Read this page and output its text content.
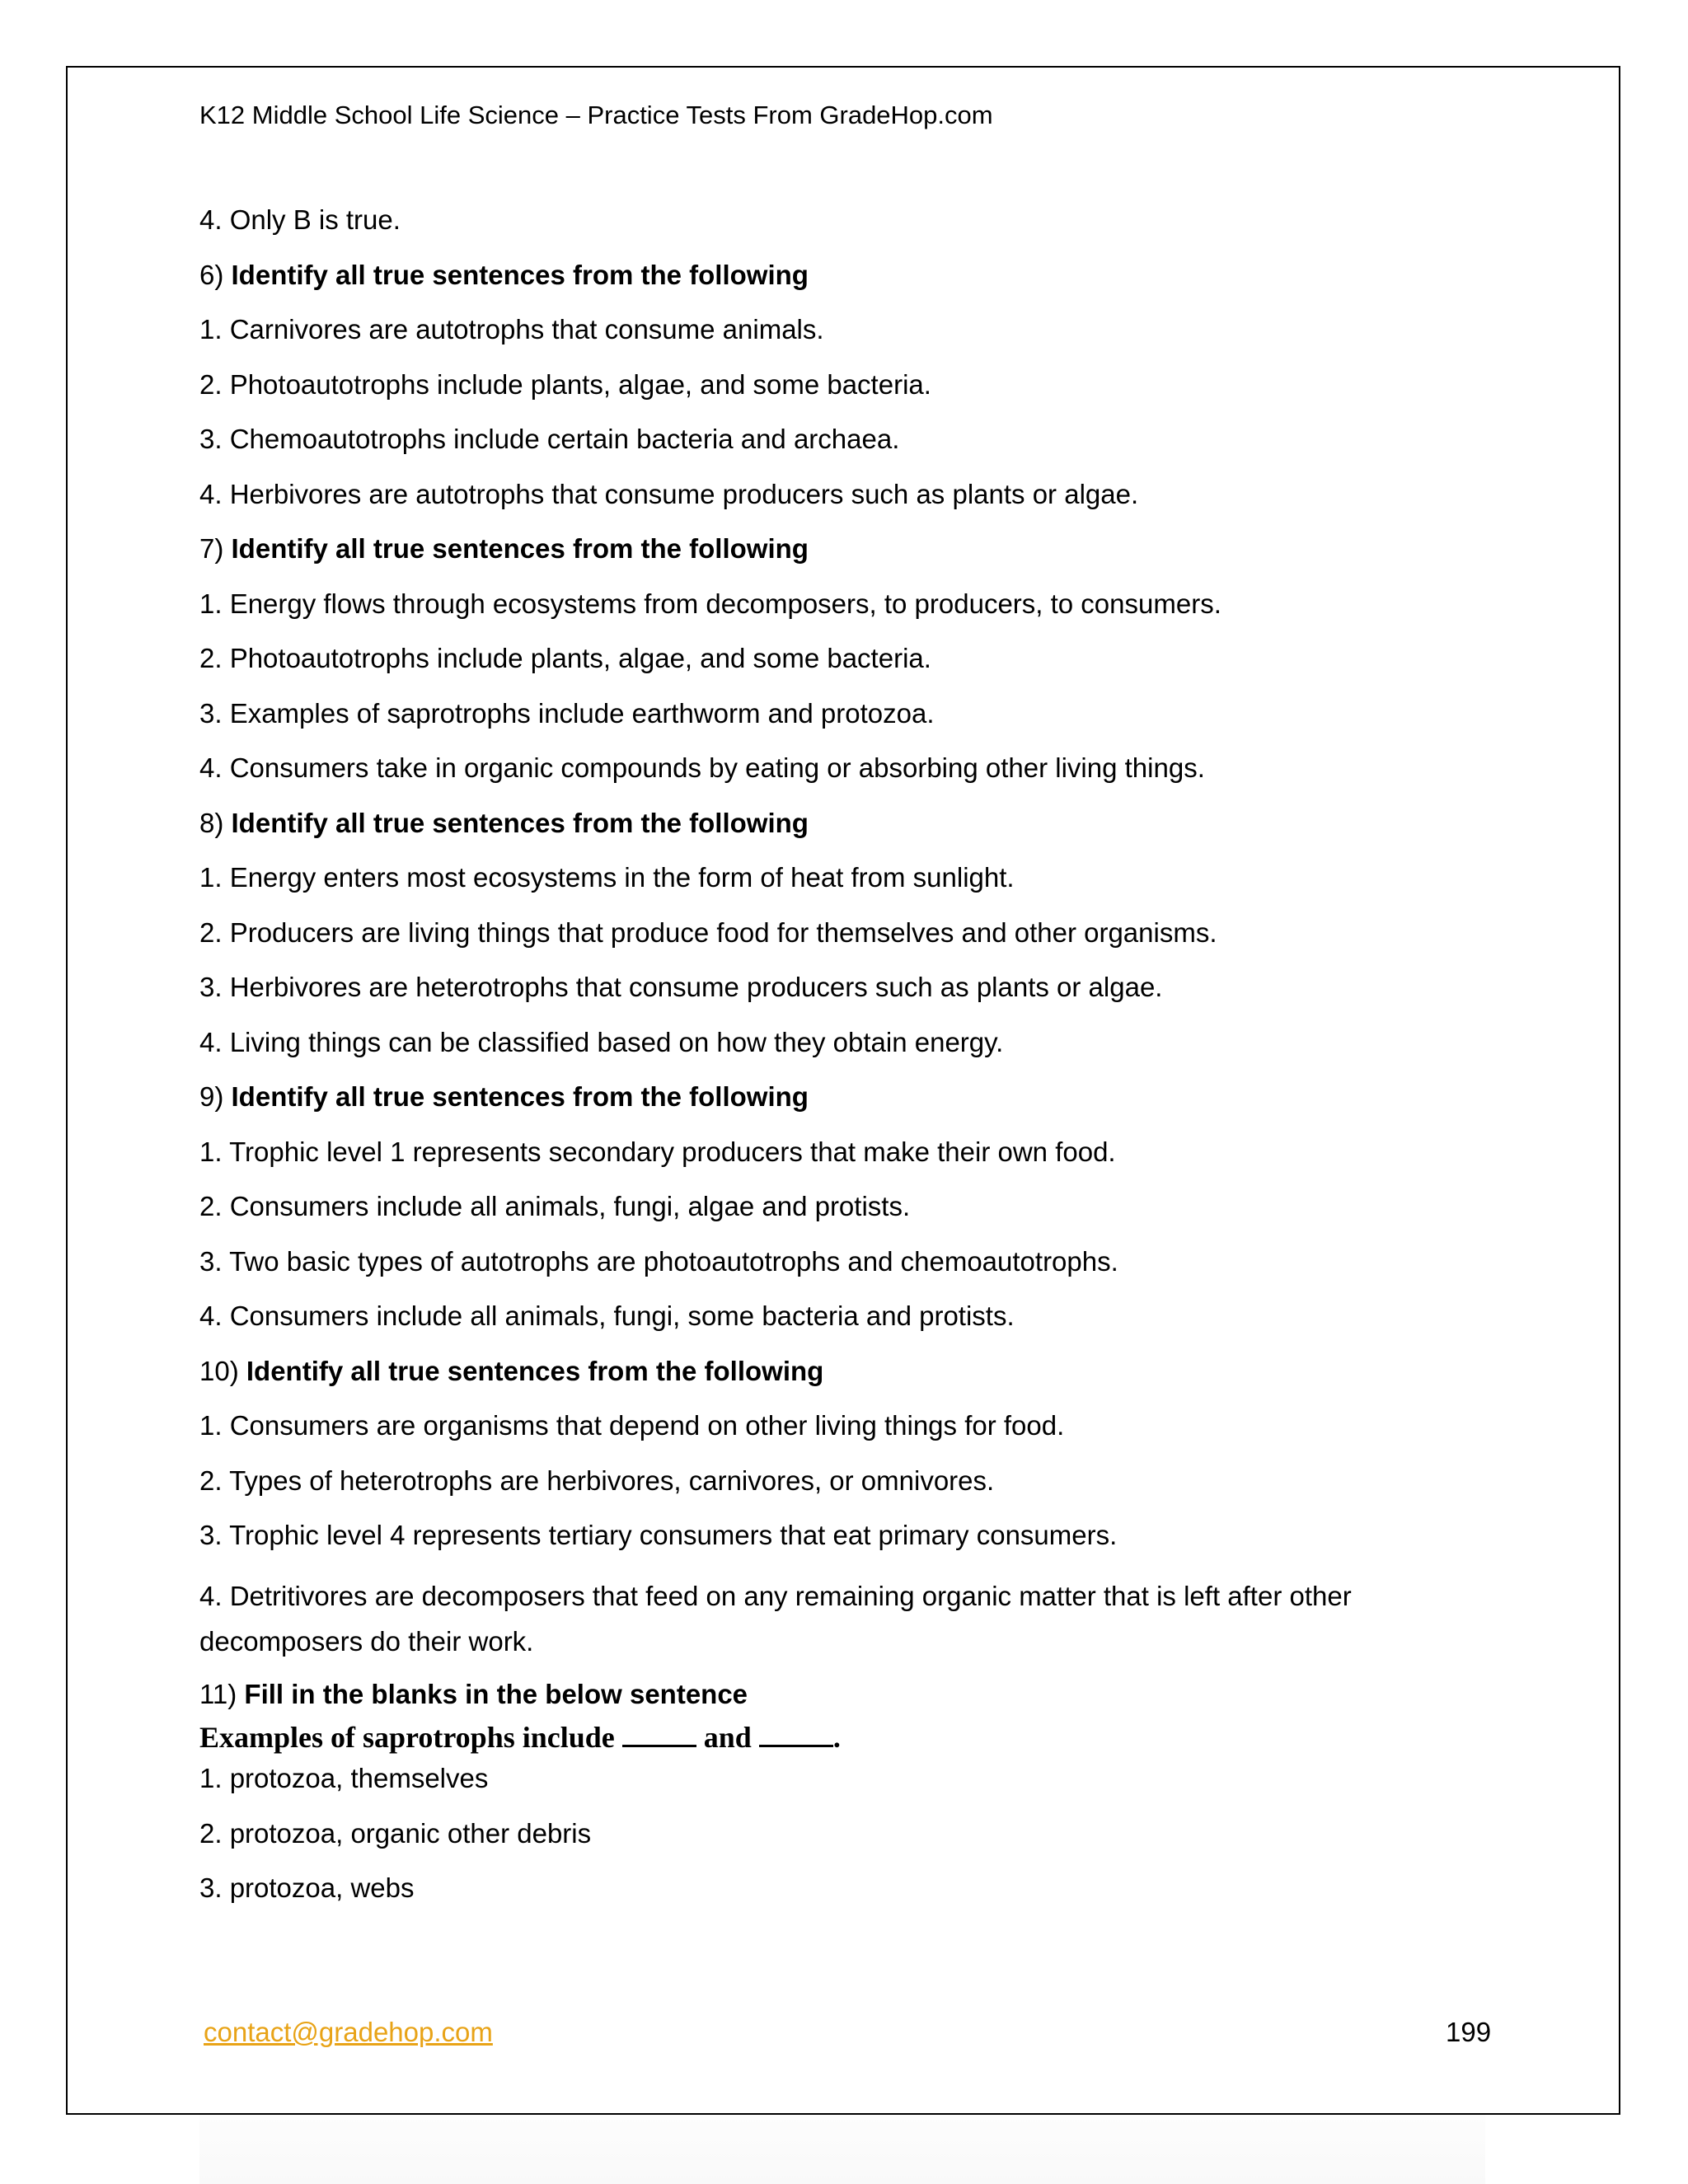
K12 Middle School Life Science – Practice Tests From GradeHop.com
4. Only B is true.
6) Identify all true sentences from the following
1. Carnivores are autotrophs that consume animals.
2. Photoautotrophs include plants, algae, and some bacteria.
3. Chemoautotrophs include certain bacteria and archaea.
4. Herbivores are autotrophs that consume producers such as plants or algae.
7) Identify all true sentences from the following
1. Energy flows through ecosystems from decomposers, to producers, to consumers.
2. Photoautotrophs include plants, algae, and some bacteria.
3. Examples of saprotrophs include earthworm and protozoa.
4. Consumers take in organic compounds by eating or absorbing other living things.
8) Identify all true sentences from the following
1. Energy enters most ecosystems in the form of heat from sunlight.
2. Producers are living things that produce food for themselves and other organisms.
3. Herbivores are heterotrophs that consume producers such as plants or algae.
4. Living things can be classified based on how they obtain energy.
9) Identify all true sentences from the following
1. Trophic level 1 represents secondary producers that make their own food.
2. Consumers include all animals, fungi, algae and protists.
3. Two basic types of autotrophs are photoautotrophs and chemoautotrophs.
4. Consumers include all animals, fungi, some bacteria and protists.
10) Identify all true sentences from the following
1. Consumers are organisms that depend on other living things for food.
2. Types of heterotrophs are herbivores, carnivores, or omnivores.
3. Trophic level 4 represents tertiary consumers that eat primary consumers.
4. Detritivores are decomposers that feed on any remaining organic matter that is left after other decomposers do their work.
11) Fill in the blanks in the below sentence
Examples of saprotrophs include	and	.
1. protozoa, themselves
2. protozoa, organic other debris
3. protozoa, webs
contact@gradehop.com	199
